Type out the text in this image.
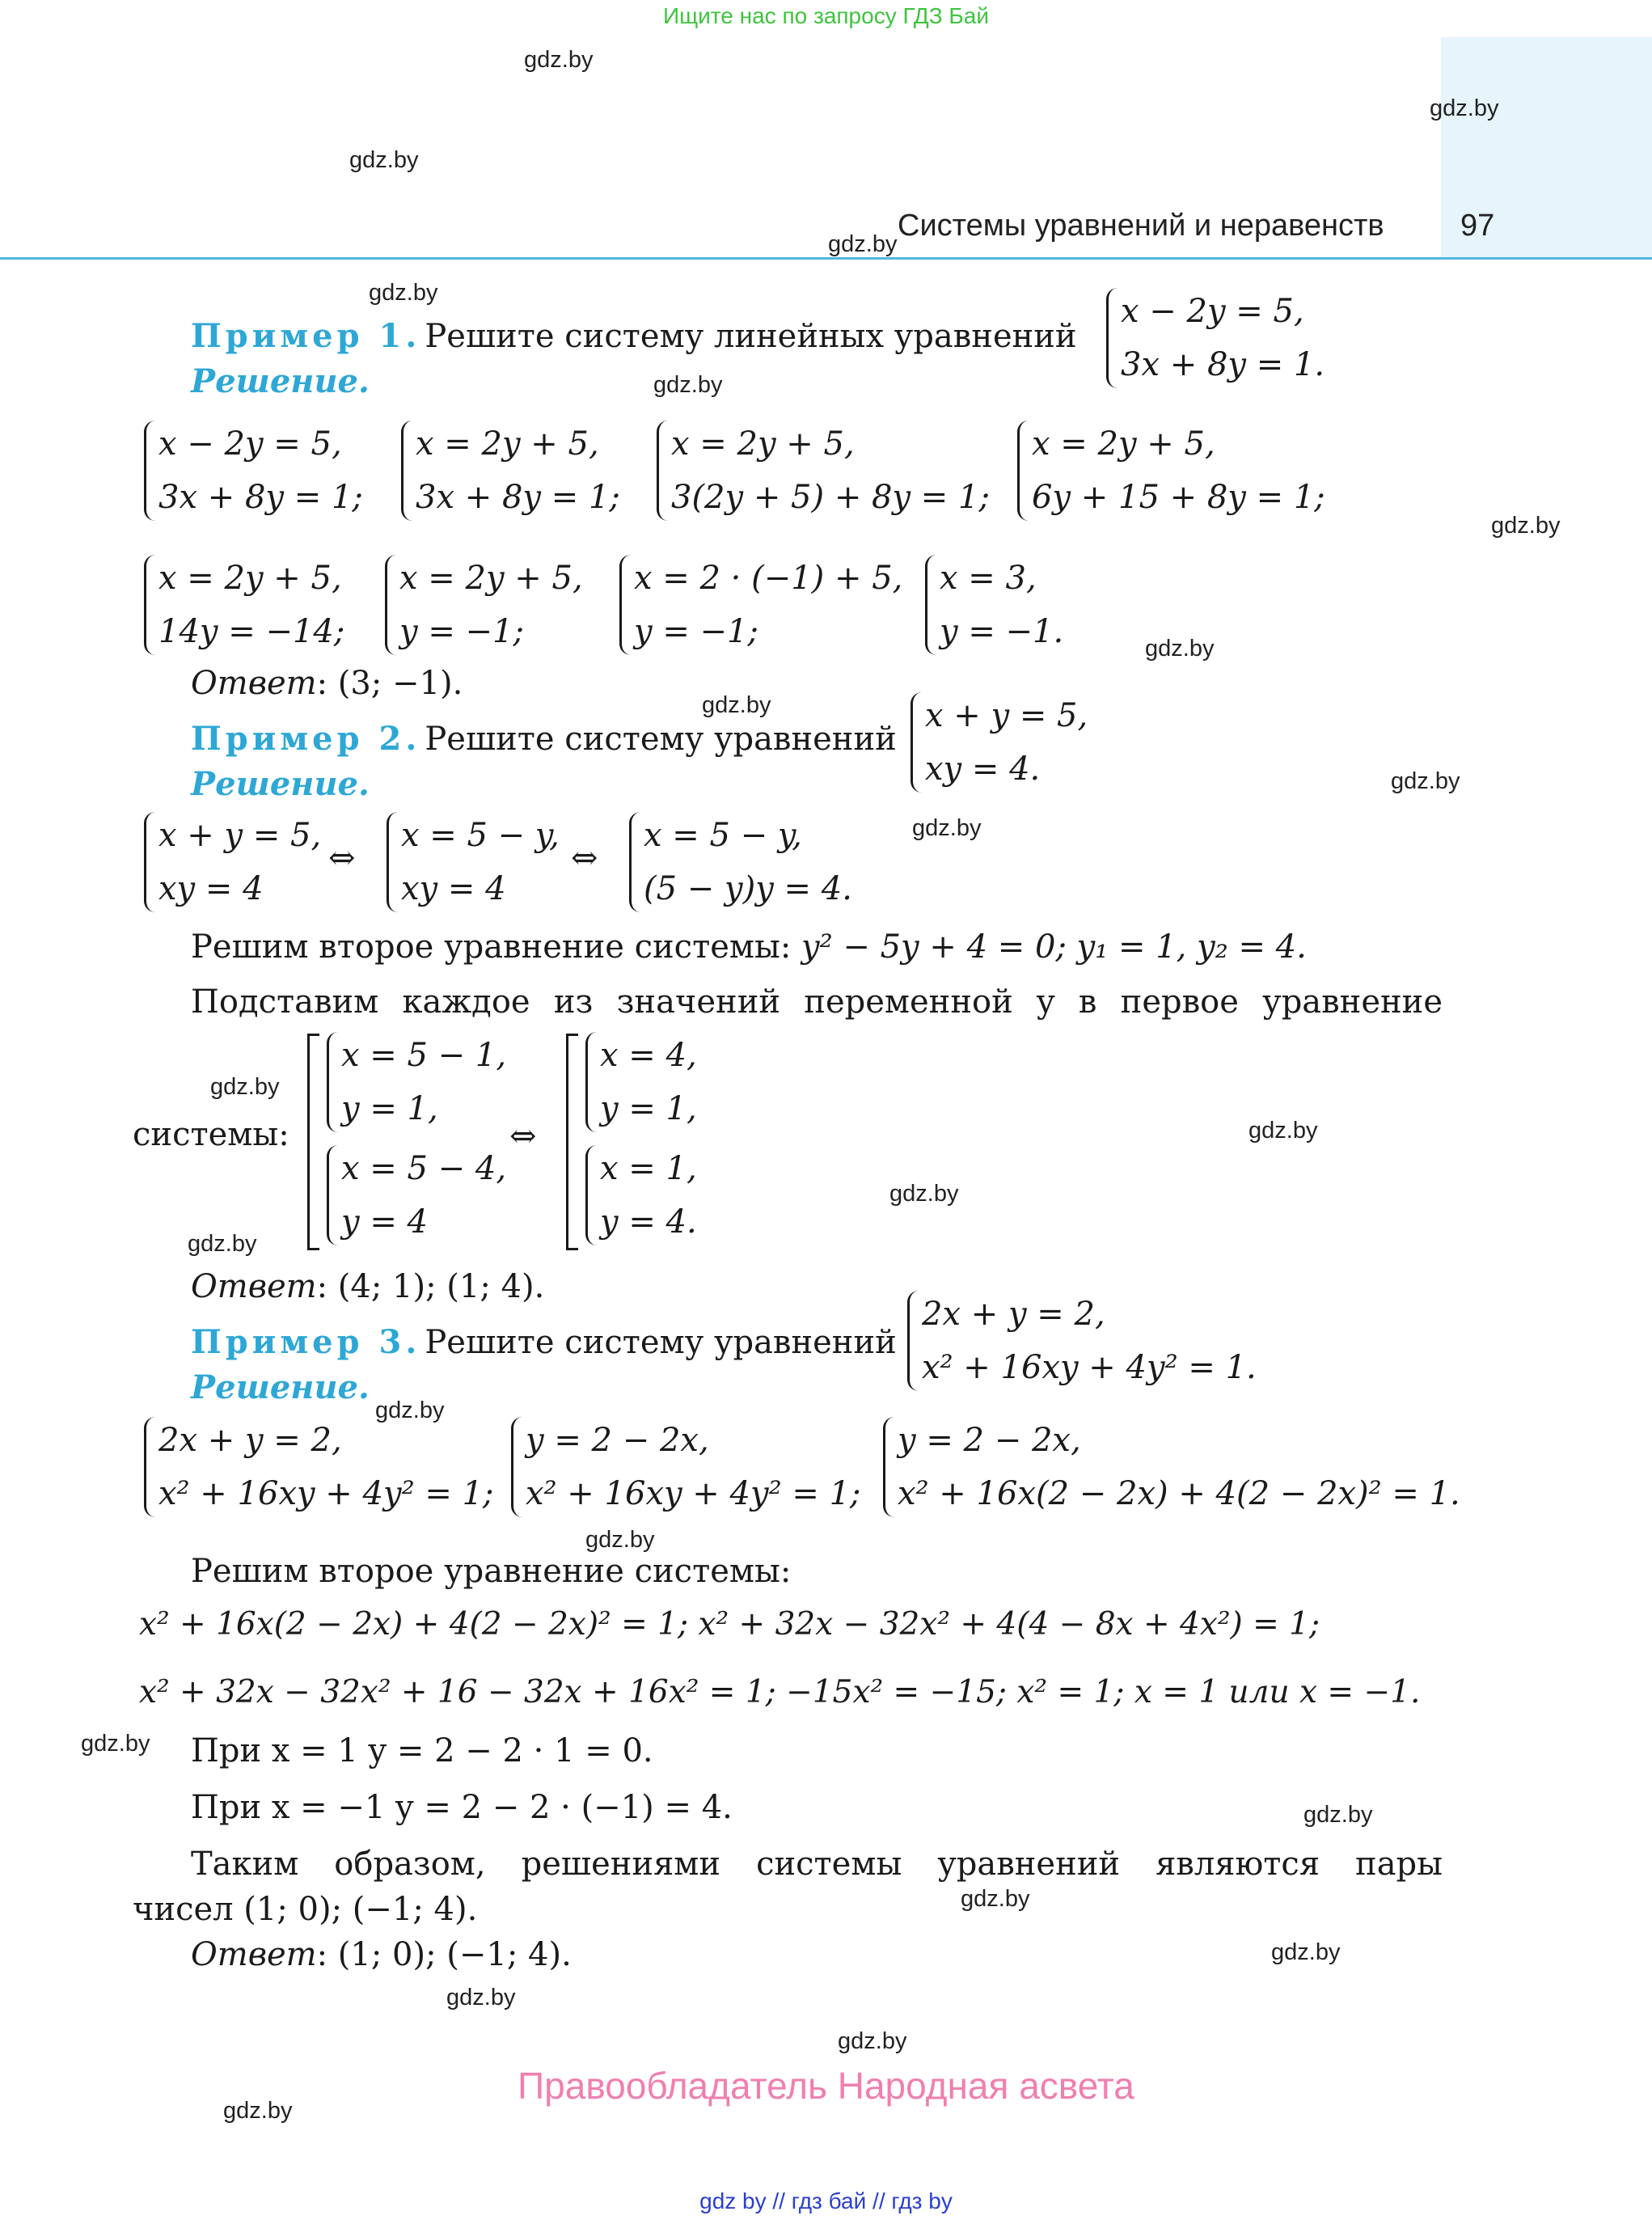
Ищите нас по запросу ГДЗ Бай
Системы уравнений и неравенств 97
gdz.by
gdz.by
gdz.by
gdz.by
gdz.by
gdz.by
gdz.by
gdz.by
gdz.by
gdz.by
gdz.by
gdz.by
gdz.by
gdz.by
gdz.by
gdz.by
gdz.by
gdz.by
gdz.by
gdz.by
gdz.by
gdz.by
gdz.by
gdz.by
Пример 1. Решите систему линейных уравнений
x − 2y = 5,
3x + 8y = 1.
Решение.
x − 2y = 5,
3x + 8y = 1;
x = 2y + 5,
3x + 8y = 1;
x = 2y + 5,
3(2y + 5) + 8y = 1;
x = 2y + 5,
6y + 15 + 8y = 1;
x = 2y + 5,
14y = −14;
x = 2y + 5,
y = −1;
x = 2 · (−1) + 5,
y = −1;
x = 3,
y = −1.
Ответ: (3; −1).
Пример 2. Решите систему уравнений
x + y = 5,
xy = 4.
Решение.
x + y = 5,
xy = 4
⇔
x = 5 − y,
xy = 4
⇔
x = 5 − y,
(5 − y)y = 4.
Решим второе уравнение системы: y² − 5y + 4 = 0; y₁ = 1, y₂ = 4.
Подставим каждое из значений переменной y в первое уравнение
системы:
x = 5 − 1,
y = 1,
x = 5 − 4,
y = 4
⇔
x = 4,
y = 1,
x = 1,
y = 4.
Ответ: (4; 1); (1; 4).
Пример 3. Решите систему уравнений
2x + y = 2,
x² + 16xy + 4y² = 1.
Решение.
2x + y = 2,
x² + 16xy + 4y² = 1;
y = 2 − 2x,
x² + 16xy + 4y² = 1;
y = 2 − 2x,
x² + 16x(2 − 2x) + 4(2 − 2x)² = 1.
Решим второе уравнение системы:
x² + 16x(2 − 2x) + 4(2 − 2x)² = 1; x² + 32x − 32x² + 4(4 − 8x + 4x²) = 1;
x² + 32x − 32x² + 16 − 32x + 16x² = 1; −15x² = −15; x² = 1; x = 1 или x = −1.
При x = 1 y = 2 − 2 · 1 = 0.
При x = −1 y = 2 − 2 · (−1) = 4.
Таким образом, решениями системы уравнений являются пары
чисел (1; 0); (−1; 4).
Ответ: (1; 0); (−1; 4).
Правообладатель Народная асвета
gdz by // гдз бай // гдз by
